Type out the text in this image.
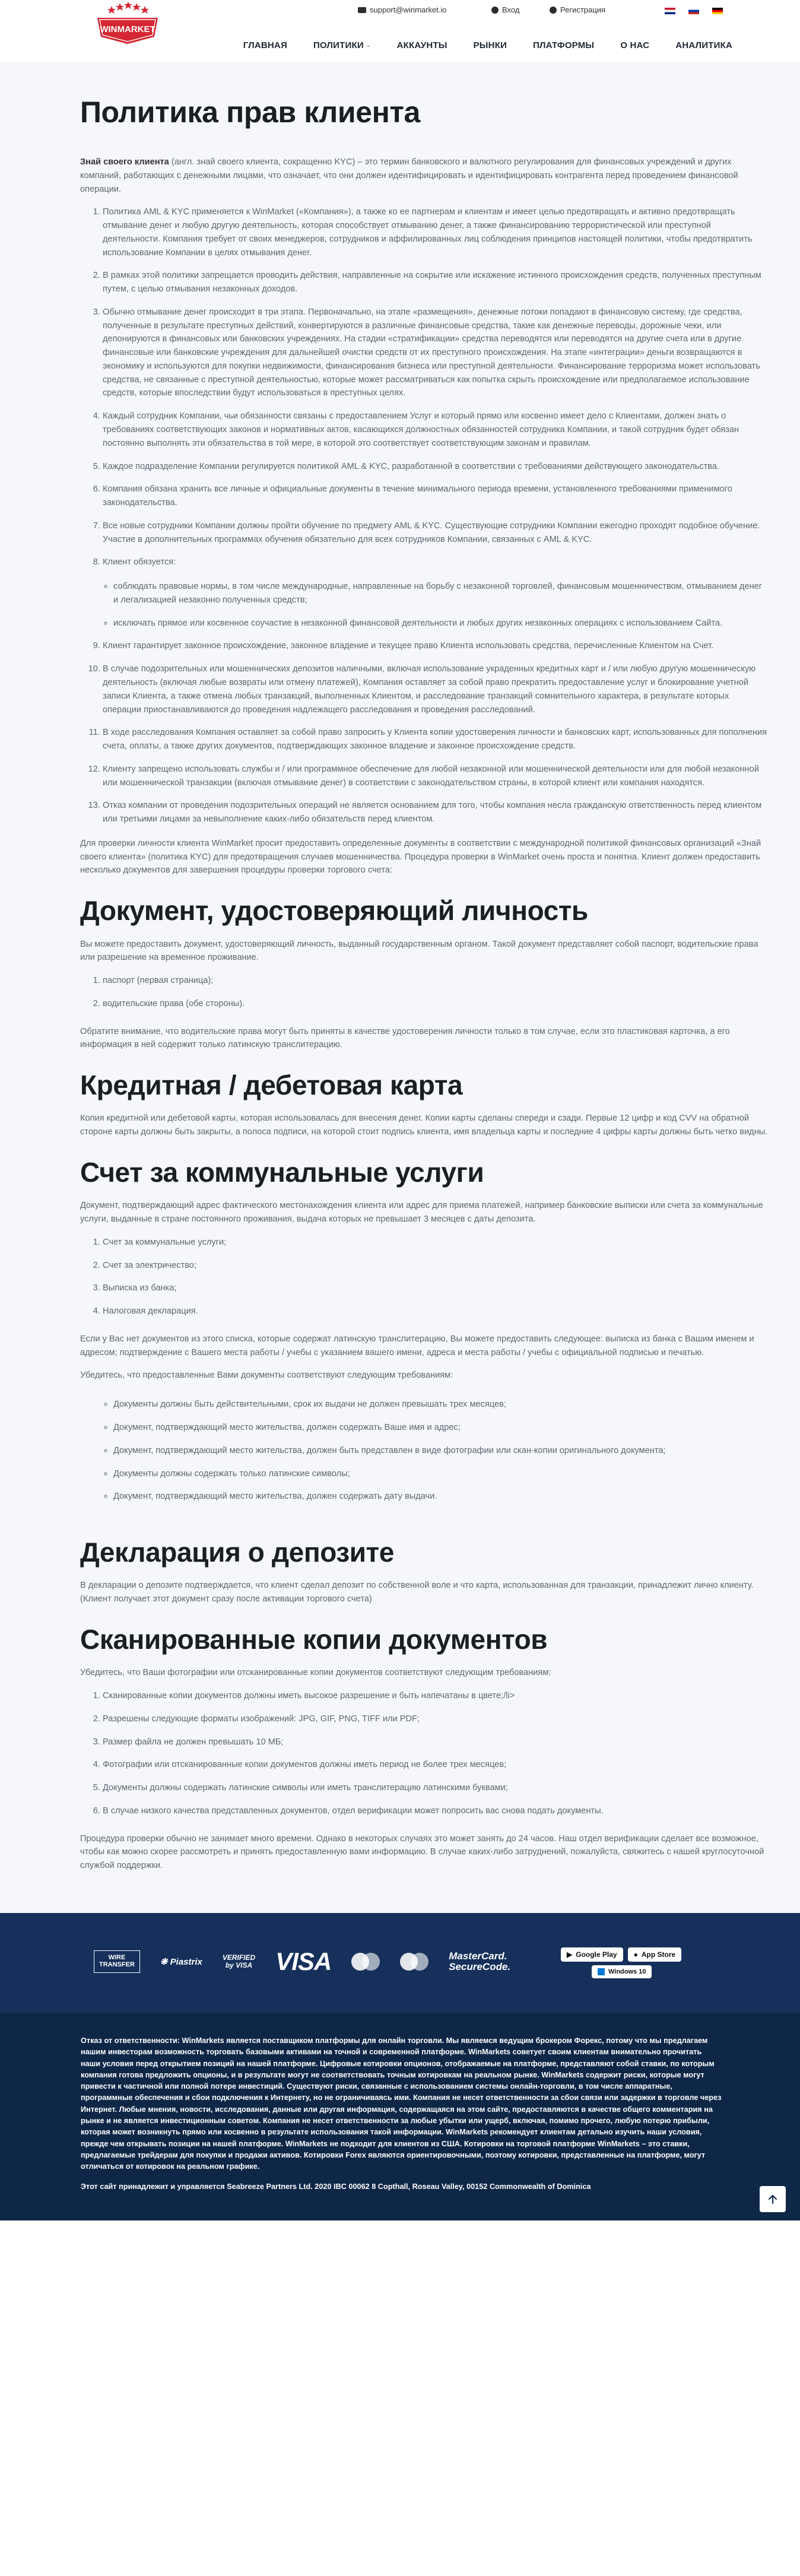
support@winmarket.io	Вход	Регистрация
WINMARKET
ГЛАВНАЯ	ПОЛИТИКИ ⌄	АККАУНТЫ	РЫНКИ	ПЛАТФОРМЫ	О НАС	АНАЛИТИКА
Политика прав клиента

Знай своего клиента (англ. знай своего клиента, сокращенно KYC) – это термин банковского и валютного регулирования для финансовых учреждений и других компаний, работающих с денежными лицами, что означает, что они должен идентифицировать и идентифицировать контрагента перед проведением финансовой операции.

1. Политика AML & KYC применяется к WinMarket («Компания»), а также ко ее партнерам и клиентам и имеет целью предотвращать и активно предотвращать отмывание денег и любую другую деятельность, которая способствует отмыванию денег, а также финансированию террористической или преступной деятельности. Компания требует от своих менеджеров, сотрудников и аффилированных лиц соблюдения принципов настоящей политики, чтобы предотвратить использование Компании в целях отмывания денег.
2. В рамках этой политики запрещается проводить действия, направленные на сокрытие или искажение истинного происхождения средств, полученных преступным путем, с целью отмывания незаконных доходов.
3. Обычно отмывание денег происходит в три этапа. Первоначально, на этапе «размещения», денежные потоки попадают в финансовую систему, где средства, полученные в результате преступных действий, конвертируются в различные финансовые средства, такие как денежные переводы, дорожные чеки, или депонируются в финансовых или банковских учреждениях. На стадии «стратификации» средства переводятся или переводятся на другие счета или в другие финансовые или банковские учреждения для дальнейшей очистки средств от их преступного происхождения. На этапе «интеграции» деньги возвращаются в экономику и используются для покупки недвижимости, финансирования бизнеса или преступной деятельности. Финансирование терроризма может использовать средства, не связанные с преступной деятельностью, которые может рассматриваться как попытка скрыть происхождение или предполагаемое использование средств, которые впоследствии будут использоваться в преступных целях.
4. Каждый сотрудник Компании, чьи обязанности связаны с предоставлением Услуг и который прямо или косвенно имеет дело с Клиентами, должен знать о требованиях соответствующих законов и нормативных актов, касающихся должностных обязанностей сотрудника Компании, и такой сотрудник будет обязан постоянно выполнять эти обязательства в той мере, в которой это соответствует соответствующим законам и правилам.
5. Каждое подразделение Компании регулируется политикой AML & KYC, разработанной в соответствии с требованиями действующего законодательства.
6. Компания обязана хранить все личные и официальные документы в течение минимального периода времени, установленного требованиями применимого законодательства.
7. Все новые сотрудники Компании должны пройти обучение по предмету AML & KYC. Существующие сотрудники Компании ежегодно проходят подобное обучение. Участие в дополнительных программах обучения обязательно для всех сотрудников Компании, связанных с AML & KYC.
8. Клиент обязуется:
◦ соблюдать правовые нормы, в том числе международные, направленные на борьбу с незаконной торговлей, финансовым мошенничеством, отмыванием денег и легализацией незаконно полученных средств;
◦ исключать прямое или косвенное соучастие в незаконной финансовой деятельности и любых других незаконных операциях с использованием Сайта.
9. Клиент гарантирует законное происхождение, законное владение и текущее право Клиента использовать средства, перечисленные Клиентом на Счет.
10. В случае подозрительных или мошеннических депозитов наличными, включая использование украденных кредитных карт и / или любую другую мошенническую деятельность (включая любые возвраты или отмену платежей), Компания оставляет за собой право прекратить предоставление услуг и блокирование учетной записи Клиента, а также отмена любых транзакций, выполненных Клиентом, и расследование транзакций сомнительного характера, в результате которых операции приостанавливаются до проведения надлежащего расследования и проведения расследований.
11. В ходе расследования Компания оставляет за собой право запросить у Клиента копии удостоверения личности и банковских карт, использованных для пополнения счета, оплаты, а также других документов, подтверждающих законное владение и законное происхождение средств.
12. Клиенту запрещено использовать службы и / или программное обеспечение для любой незаконной или мошеннической деятельности или для любой незаконной или мошеннической транзакции (включая отмывание денег) в соответствии с законодательством страны, в которой клиент или компания находятся.
13. Отказ компании от проведения подозрительных операций не является основанием для того, чтобы компания несла гражданскую ответственность перед клиентом или третьими лицами за невыполнение каких-либо обязательств перед клиентом.

Для проверки личности клиента WinMarket просит предоставить определенные документы в соответствии с международной политикой финансовых организаций «Знай своего клиента» (политика KYC) для предотвращения случаев мошенничества. Процедура проверки в WinMarket очень проста и понятна. Клиент должен предоставить несколько документов для завершения процедуры проверки торгового счета:

Документ, удостоверяющий личность

Вы можете предоставить документ, удостоверяющий личность, выданный государственным органом. Такой документ представляет собой паспорт, водительские права или разрешение на временное проживание.

1. паспорт (первая страница);
2. водительские права (обе стороны).

Обратите внимание, что водительские права могут быть приняты в качестве удостоверения личности только в том случае, если это пластиковая карточка, а его информация в ней содержит только латинскую транслитерацию.

Кредитная / дебетовая карта

Копия кредитной или дебетовой карты, которая использовалась для внесения денег. Копии карты сделаны спереди и сзади. Первые 12 цифр и код CVV на обратной стороне карты должны быть закрыты, а полоса подписи, на которой стоит подпись клиента, имя владельца карты и последние 4 цифры карты должны быть четко видны.

Счет за коммунальные услуги

Документ, подтверждающий адрес фактического местонахождения клиента или адрес для приема платежей, например банковские выписки или счета за коммунальные услуги, выданные в стране постоянного проживания, выдача которых не превышает 3 месяцев с даты депозита.

1. Счет за коммунальные услуги;
2. Счет за электричество;
3. Выписка из банка;
4. Налоговая декларация.

Если у Вас нет документов из этого списка, которые содержат латинскую транслитерацию, Вы можете предоставить следующее: выписка из банка с Вашим именем и адресом; подтверждение с Вашего места работы / учебы с указанием вашего имени, адреса и места работы / учебы с официальной подписью и печатью.

Убедитесь, что предоставленные Вами документы соответствуют следующим требованиям:

◦ Документы должны быть действительными, срок их выдачи не должен превышать трех месяцев;
◦ Документ, подтверждающий место жительства, должен содержать Ваше имя и адрес;
◦ Документ, подтверждающий место жительства, должен быть представлен в виде фотографии или скан-копии оригинального документа;
◦ Документы должны содержать только латинские символы;
◦ Документ, подтверждающий место жительства, должен содержать дату выдачи.
Декларация о депозите

В декларации о депозите подтверждается, что клиент сделал депозит по собственной воле и что карта, использованная для транзакции, принадлежит лично клиенту. (Клиент получает этот документ сразу после активации торгового счета)

Сканированные копии документов

Убедитесь, что Ваши фотографии или отсканированные копии документов соответствуют следующим требованиям:

1. Сканированные копии документов должны иметь высокое разрешение и быть напечатаны в цвете;/li>
2. Разрешены следующие форматы изображений: JPG, GIF, PNG, TIFF или PDF;
3. Размер файла не должен превышать 10 МБ;
4. Фотографии или отсканированные копии документов должны иметь период не более трех месяцев;
5. Документы должны содержать латинские символы или иметь транслитерацию латинскими буквами;
6. В случае низкого качества представленных документов, отдел верификации может попросить вас снова подать документы.

Процедура проверки обычно не занимает много времени. Однако в некоторых случаях это может занять до 24 часов. Наш отдел верификации сделает все возможное, чтобы как можно скорее рассмотреть и принять предоставленную вами информацию. В случае каких-либо затруднений, пожалуйста, свяжитесь с нашей круглосуточной службой поддержки.

WIRE
TRANSFER	❋ Piastrix	VERIFIED
by VISA VISA	MasterCard.
SecureCode.
▶ Google Play ● App Store
Windows 10
Отказ от ответственности: WinMarkets является поставщиком платформы для онлайн торговли. Мы являемся ведущим брокером Форекс, потому что мы предлагаем нашим инвесторам возможность торговать базовыми активами на точной и современной платформе. WinMarkets советует своим клиентам внимательно прочитать наши условия перед открытием позиций на нашей платформе. Цифровые котировки опционов, отображаемые на платформе, представляют собой ставки, по которым компания готова предложить опционы, и в результате могут не соответствовать точным котировкам на реальном рынке. WinMarkets содержит риски, которые могут привести к частичной или полной потере инвестиций. Существуют риски, связанные с использованием системы онлайн-торговли, в том числе аппаратные, программные обеспечения и сбои подключения к Интернету, но не ограничиваясь ими. Компания не несет ответственности за сбои связи или задержки в торговле через Интернет. Любые мнения, новости, исследования, данные или другая информация, содержащаяся на этом сайте, предоставляются в качестве общего комментария на рынке и не является инвестиционным советом. Компания не несет ответственности за любые убытки или ущерб, включая, помимо прочего, любую потерю прибыли, которая может возникнуть прямо или косвенно в результате использования такой информации. WinMarkets рекомендует клиентам детально изучить наши условия, прежде чем открывать позиции на нашей платформе. WinMarkets не подходит для клиентов из США. Котировки на торговой платформе WinMarkets – это ставки, предлагаемые трейдерам для покупки и продажи активов. Котировки Forex являются ориентировочными, поэтому котировки, представленные на платформе, могут отличаться от котировок на реальном графике.
Этот сайт принадлежит и управляется Seabreeze Partners Ltd. 2020 IBC 00062 8 Copthall, Roseau Valley, 00152 Commonwealth of Dominica
